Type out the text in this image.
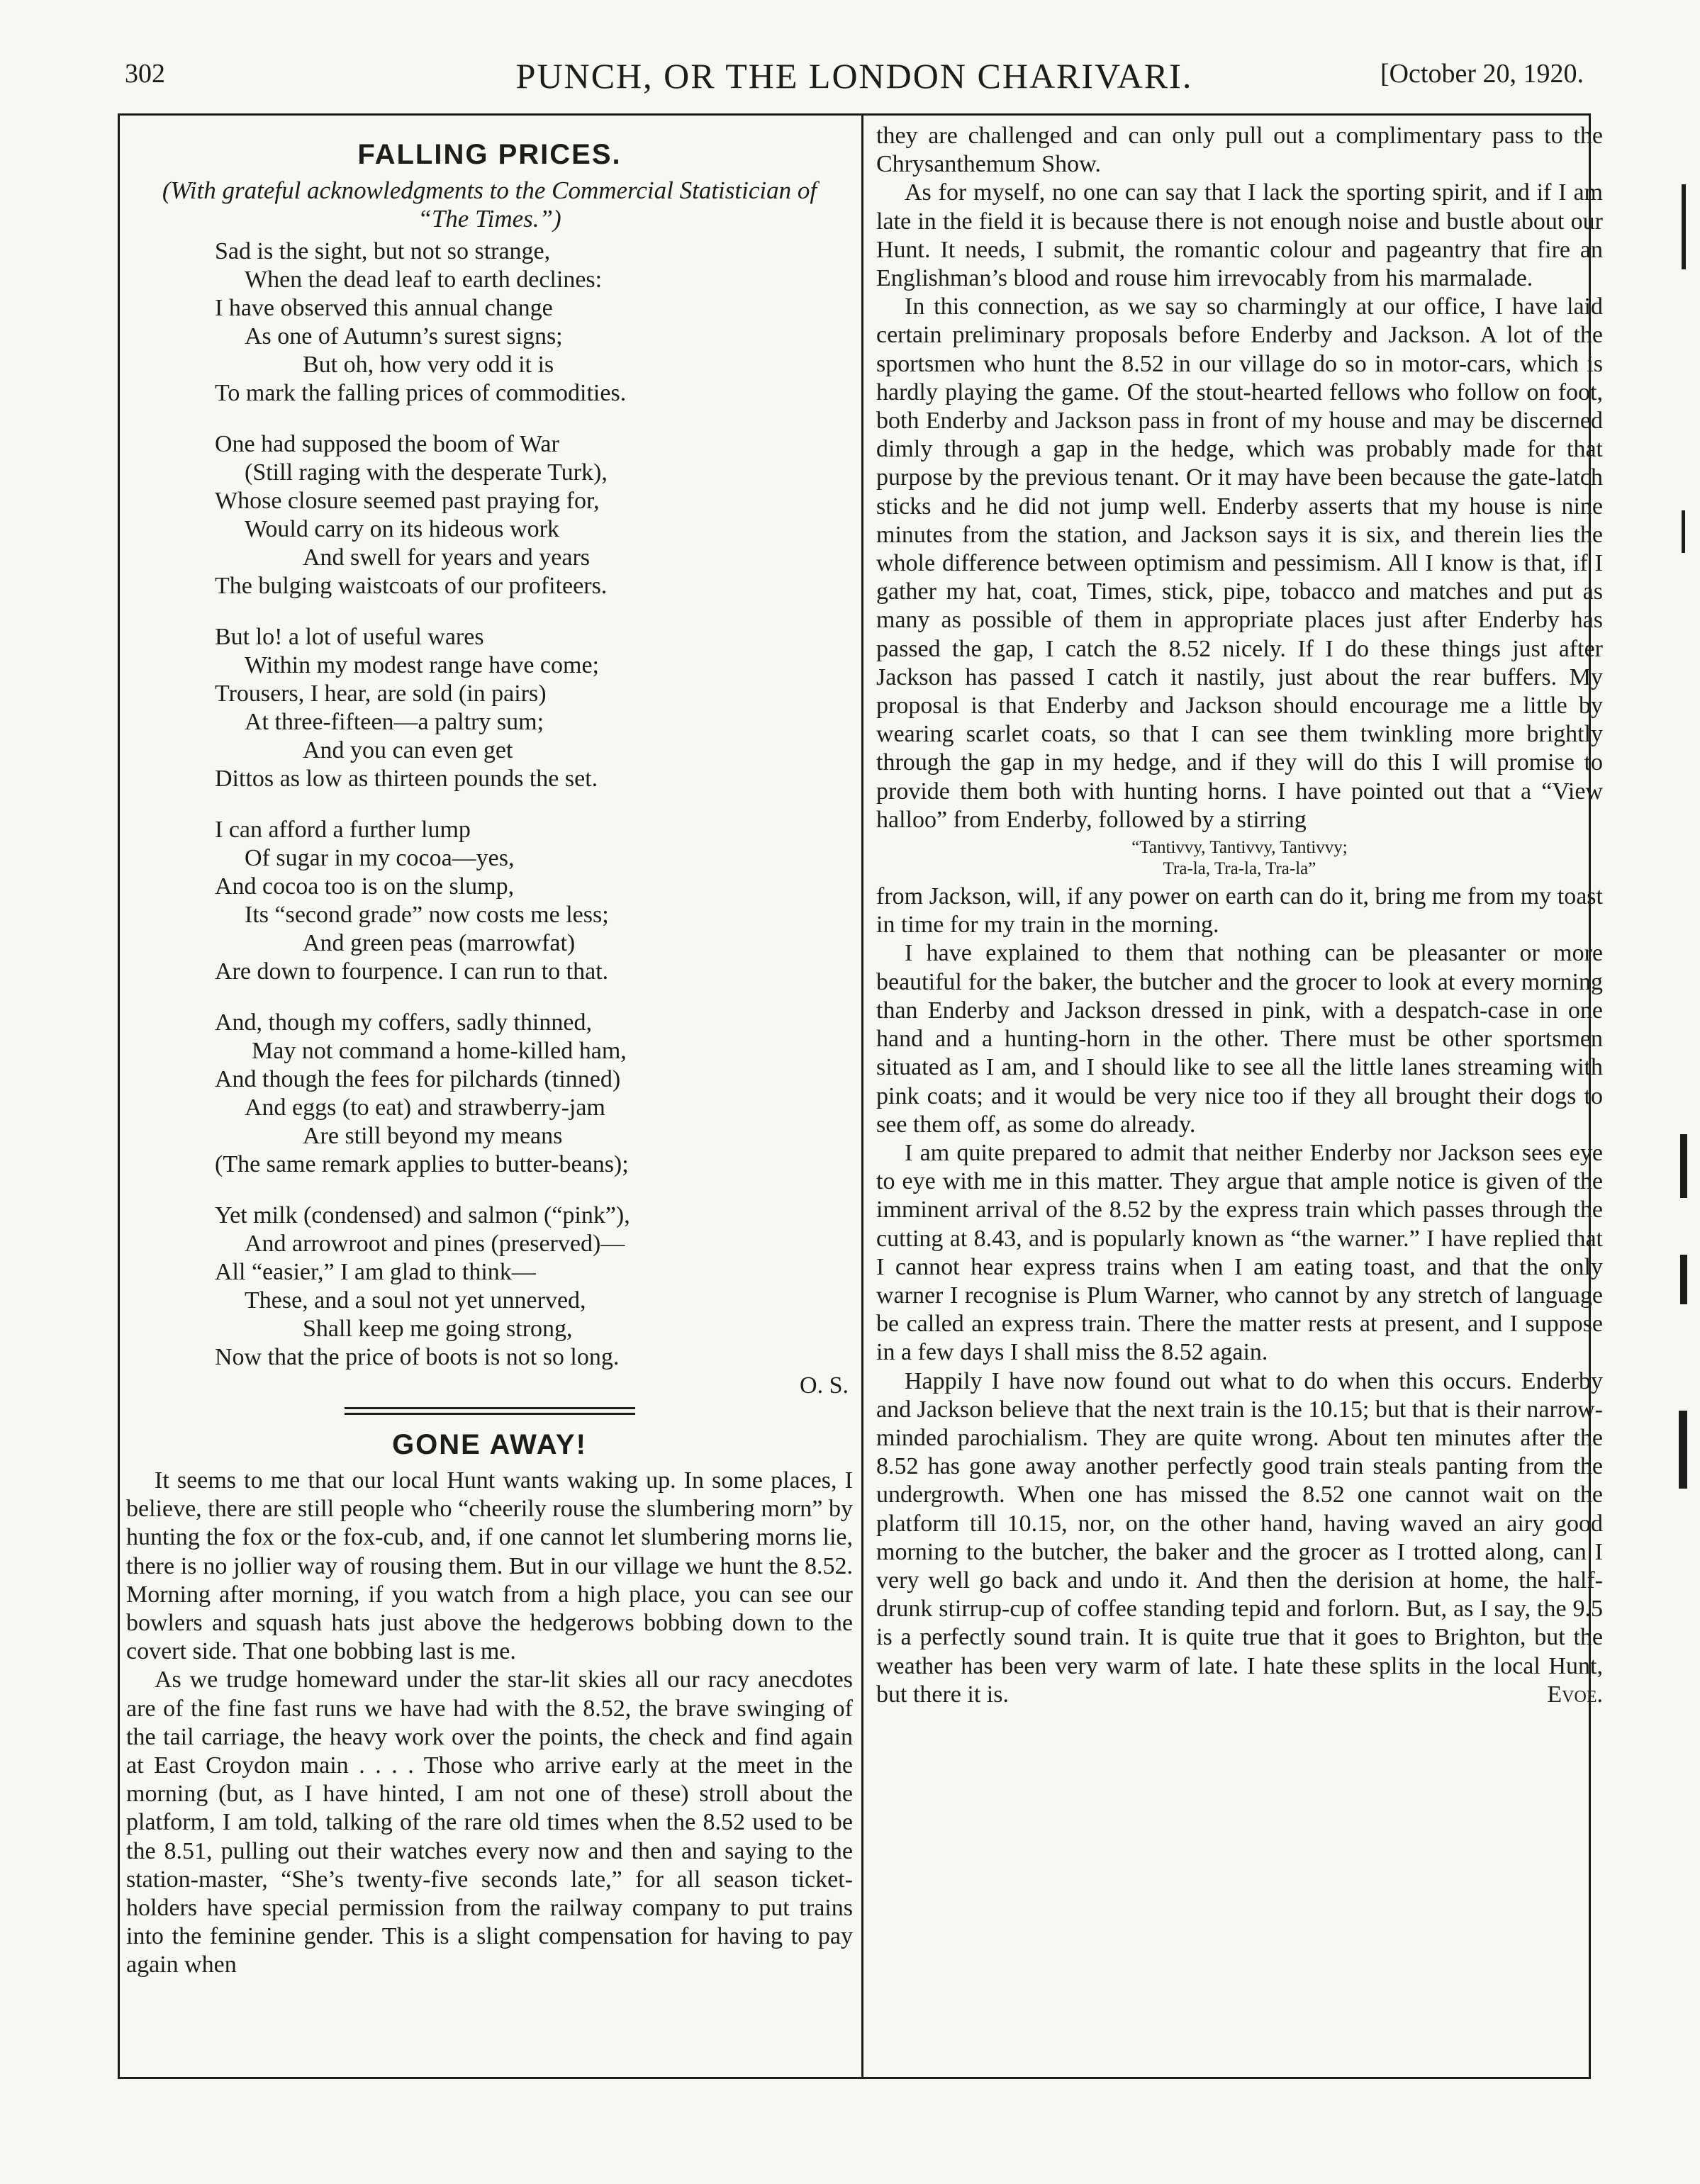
302	PUNCH, OR THE LONDON CHARIVARI.	[October 20, 1920.
FALLING PRICES.
(With grateful acknowledgments to the Commercial Statistician of “The Times.”)
Sad is the sight, but not so strange,
When the dead leaf to earth declines:
I have observed this annual change
As one of Autumn’s surest signs;
But oh, how very odd it is
To mark the falling prices of commodities.
One had supposed the boom of War
(Still raging with the desperate Turk),
Whose closure seemed past praying for,
Would carry on its hideous work
And swell for years and years
The bulging waistcoats of our profiteers.
But lo! a lot of useful wares
Within my modest range have come;
Trousers, I hear, are sold (in pairs)
At three-fifteen—a paltry sum;
And you can even get
Dittos as low as thirteen pounds the set.
I can afford a further lump
Of sugar in my cocoa—yes,
And cocoa too is on the slump,
Its “second grade” now costs me less;
And green peas (marrowfat)
Are down to fourpence. I can run to that.
And, though my coffers, sadly thinned,
May not command a home-killed ham,
And though the fees for pilchards (tinned)
And eggs (to eat) and strawberry-jam
Are still beyond my means
(The same remark applies to butter-beans);
Yet milk (condensed) and salmon (“pink”),
And arrowroot and pines (preserved)—
All “easier,” I am glad to think—
These, and a soul not yet unnerved,
Shall keep me going strong,
Now that the price of boots is not so long.
O. S.
GONE AWAY!

It seems to me that our local Hunt wants waking up. In some places, I believe, there are still people who “cheerily rouse the slumbering morn” by hunting the fox or the fox-cub, and, if one cannot let slumbering morns lie, there is no jollier way of rousing them. But in our village we hunt the 8.52. Morning after morning, if you watch from a high place, you can see our bowlers and squash hats just above the hedgerows bobbing down to the covert side. That one bobbing last is me.

As we trudge homeward under the star-lit skies all our racy anecdotes are of the fine fast runs we have had with the 8.52, the brave swinging of the tail carriage, the heavy work over the points, the check and find again at East Croydon main . . . . Those who arrive early at the meet in the morning (but, as I have hinted, I am not one of these) stroll about the platform, I am told, talking of the rare old times when the 8.52 used to be the 8.51, pulling out their watches every now and then and saying to the station-master, “She’s twenty-five seconds late,” for all season ticket-holders have special permission from the railway company to put trains into the feminine gender. This is a slight compensation for having to pay again when

they are challenged and can only pull out a complimentary pass to the Chrysanthemum Show.

As for myself, no one can say that I lack the sporting spirit, and if I am late in the field it is because there is not enough noise and bustle about our Hunt. It needs, I submit, the romantic colour and pageantry that fire an Englishman’s blood and rouse him irrevocably from his marmalade.

In this connection, as we say so charmingly at our office, I have laid certain preliminary proposals before Enderby and Jackson. A lot of the sportsmen who hunt the 8.52 in our village do so in motor-cars, which is hardly playing the game. Of the stout-hearted fellows who follow on foot, both Enderby and Jackson pass in front of my house and may be discerned dimly through a gap in the hedge, which was probably made for that purpose by the previous tenant. Or it may have been because the gate-latch sticks and he did not jump well. Enderby asserts that my house is nine minutes from the station, and Jackson says it is six, and therein lies the whole difference between optimism and pessimism. All I know is that, if I gather my hat, coat, Times, stick, pipe, tobacco and matches and put as many as possible of them in appropriate places just after Enderby has passed the gap, I catch the 8.52 nicely. If I do these things just after Jackson has passed I catch it nastily, just about the rear buffers. My proposal is that Enderby and Jackson should encourage me a little by wearing scarlet coats, so that I can see them twinkling more brightly through the gap in my hedge, and if they will do this I will promise to provide them both with hunting horns. I have pointed out that a “View halloo” from Enderby, followed by a stirring

“Tantivvy, Tantivvy, Tantivvy;
Tra-la, Tra-la, Tra-la”

from Jackson, will, if any power on earth can do it, bring me from my toast in time for my train in the morning.

I have explained to them that nothing can be pleasanter or more beautiful for the baker, the butcher and the grocer to look at every morning than Enderby and Jackson dressed in pink, with a despatch-case in one hand and a hunting-horn in the other. There must be other sportsmen situated as I am, and I should like to see all the little lanes streaming with pink coats; and it would be very nice too if they all brought their dogs to see them off, as some do already.

I am quite prepared to admit that neither Enderby nor Jackson sees eye to eye with me in this matter. They argue that ample notice is given of the imminent arrival of the 8.52 by the express train which passes through the cutting at 8.43, and is popularly known as “the warner.” I have replied that I cannot hear express trains when I am eating toast, and that the only warner I recognise is Plum Warner, who cannot by any stretch of language be called an express train. There the matter rests at present, and I suppose in a few days I shall miss the 8.52 again.

Happily I have now found out what to do when this occurs. Enderby and Jackson believe that the next train is the 10.15; but that is their narrow-minded parochialism. They are quite wrong. About ten minutes after the 8.52 has gone away another perfectly good train steals panting from the undergrowth. When one has missed the 8.52 one cannot wait on the platform till 10.15, nor, on the other hand, having waved an airy good morning to the butcher, the baker and the grocer as I trotted along, can I very well go back and undo it. And then the derision at home, the half-drunk stirrup-cup of coffee standing tepid and forlorn. But, as I say, the 9.5 is a perfectly sound train. It is quite true that it goes to Brighton, but the weather has been very warm of late. I hate these splits in the local Hunt, but there it is.	Evoe.
